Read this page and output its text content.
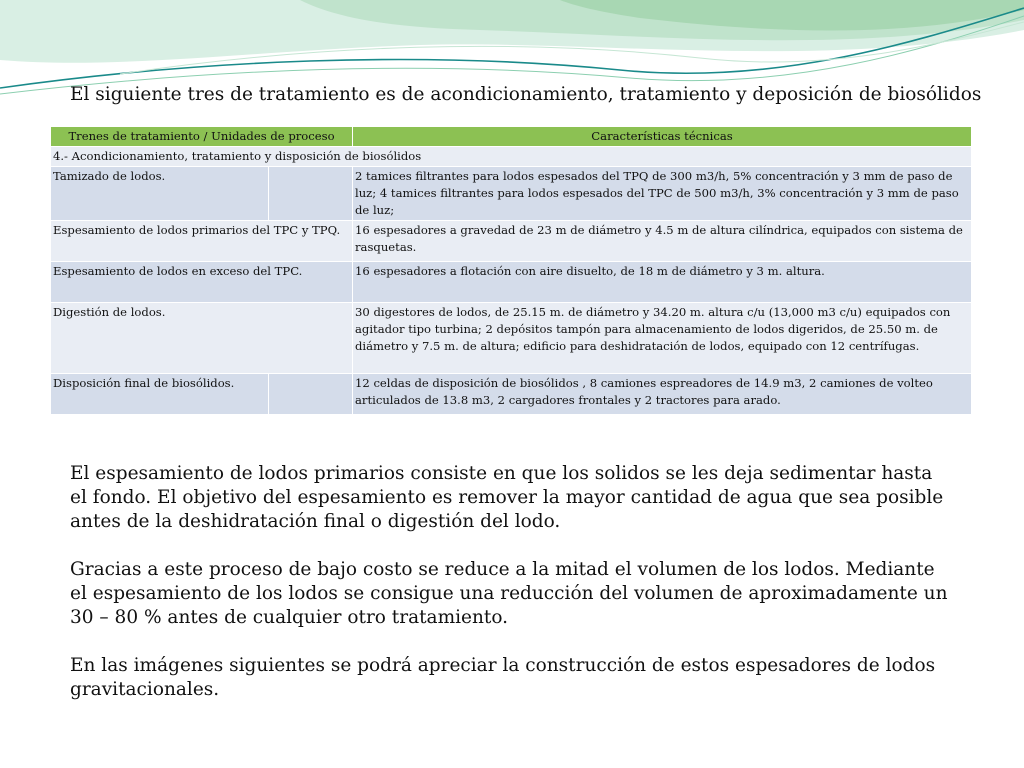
El siguiente tres de tratamiento es de acondicionamiento, tratamiento y deposición de biosólidos
Trenes de tratamiento / Unidades de proceso		Características técnicas
4.- Acondicionamiento, tratamiento y disposición de biosólidos		
Tamizado de lodos.		2 tamices filtrantes para lodos espesados del TPQ de 300 m3/h, 5% concentración y 3 mm de paso de luz; 4 tamices filtrantes para lodos espesados del TPC de 500 m3/h, 3% concentración y 3 mm de paso de luz;
Espesamiento de lodos primarios del TPC y TPQ.		16 espesadores a gravedad de 23 m de diámetro y 4.5 m de altura cilíndrica, equipados con sistema de rasquetas.
Espesamiento de lodos en exceso del TPC.		16 espesadores a flotación con aire disuelto, de 18 m de diámetro y 3 m. altura.
Digestión de lodos.		30 digestores de lodos, de 25.15 m. de diámetro y 34.20 m. altura c/u (13,000 m3 c/u) equipados con agitador tipo turbina; 2 depósitos tampón para almacenamiento de lodos digeridos, de 25.50 m. de diámetro y 7.5 m. de altura; edificio para deshidratación de lodos, equipado con 12 centrífugas.
Disposición final de biosólidos.		12 celdas de disposición de biosólidos , 8 camiones espreadores de 14.9 m3, 2 camiones de volteo articulados de 13.8 m3, 2 cargadores frontales y 2 tractores para arado.

El espesamiento de lodos primarios consiste en que los solidos se les deja sedimentar hasta el fondo. El objetivo del espesamiento es remover la mayor cantidad de agua que sea posible antes de la deshidratación final o digestión del lodo.

Gracias a este proceso de bajo costo se reduce a la mitad el volumen de los lodos. Mediante el espesamiento de los lodos se consigue una reducción del volumen de aproximadamente un 30 – 80 % antes de cualquier otro tratamiento.

En las imágenes siguientes se podrá apreciar la construcción de estos espesadores de lodos gravitacionales.
